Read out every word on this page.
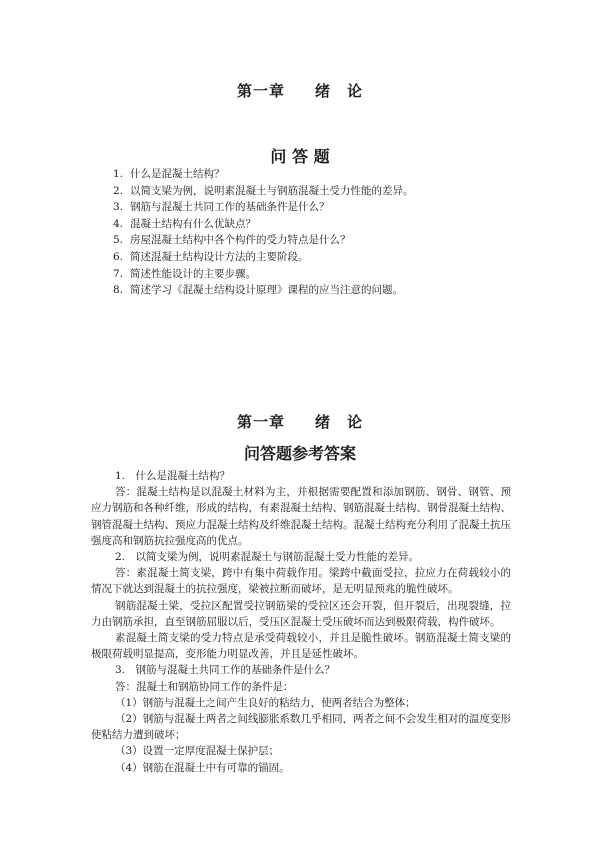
第一章 绪　论
问 答 题
1. 什么是混凝土结构？
2. 以简支梁为例，说明素混凝土与钢筋混凝土受力性能的差异。
3. 钢筋与混凝土共同工作的基础条件是什么？
4. 混凝土结构有什么优缺点？
5. 房屋混凝土结构中各个构件的受力特点是什么？
6. 简述混凝土结构设计方法的主要阶段。
7. 简述性能设计的主要步骤。
8. 简述学习《混凝土结构设计原理》课程的应当注意的问题。
第一章 绪　论
问答题参考答案

1.　什么是混凝土结构？

答：混凝土结构是以混凝土材料为主，并根据需要配置和添加钢筋、钢骨、钢管、预应力钢筋和各种纤维，形成的结构，有素混凝土结构、钢筋混凝土结构、钢骨混凝土结构、钢管混凝土结构、预应力混凝土结构及纤维混凝土结构。混凝土结构充分利用了混凝土抗压强度高和钢筋抗拉强度高的优点。

2.　以简支梁为例，说明素混凝土与钢筋混凝土受力性能的差异。

答：素混凝土简支梁，跨中有集中荷载作用。梁跨中截面受拉，拉应力在荷载较小的情况下就达到混凝土的抗拉强度，梁被拉断而破坏，是无明显预兆的脆性破坏。

钢筋混凝土梁，受拉区配置受拉钢筋梁的受拉区还会开裂，但开裂后，出现裂缝，拉力由钢筋承担，直至钢筋屈服以后，受压区混凝土受压破坏而达到极限荷载，构件破坏。

素混凝土简支梁的受力特点是承受荷载较小，并且是脆性破坏。钢筋混凝土简支梁的极限荷载明显提高，变形能力明显改善，并且是延性破坏。

3.　钢筋与混凝土共同工作的基础条件是什么？

答：混凝土和钢筋协同工作的条件是：

（1）钢筋与混凝土之间产生良好的粘结力，使两者结合为整体；

（2）钢筋与混凝土两者之间线膨胀系数几乎相同，两者之间不会发生相对的温度变形使粘结力遭到破坏；

（3）设置一定厚度混凝土保护层；

（4）钢筋在混凝土中有可靠的锚固。
